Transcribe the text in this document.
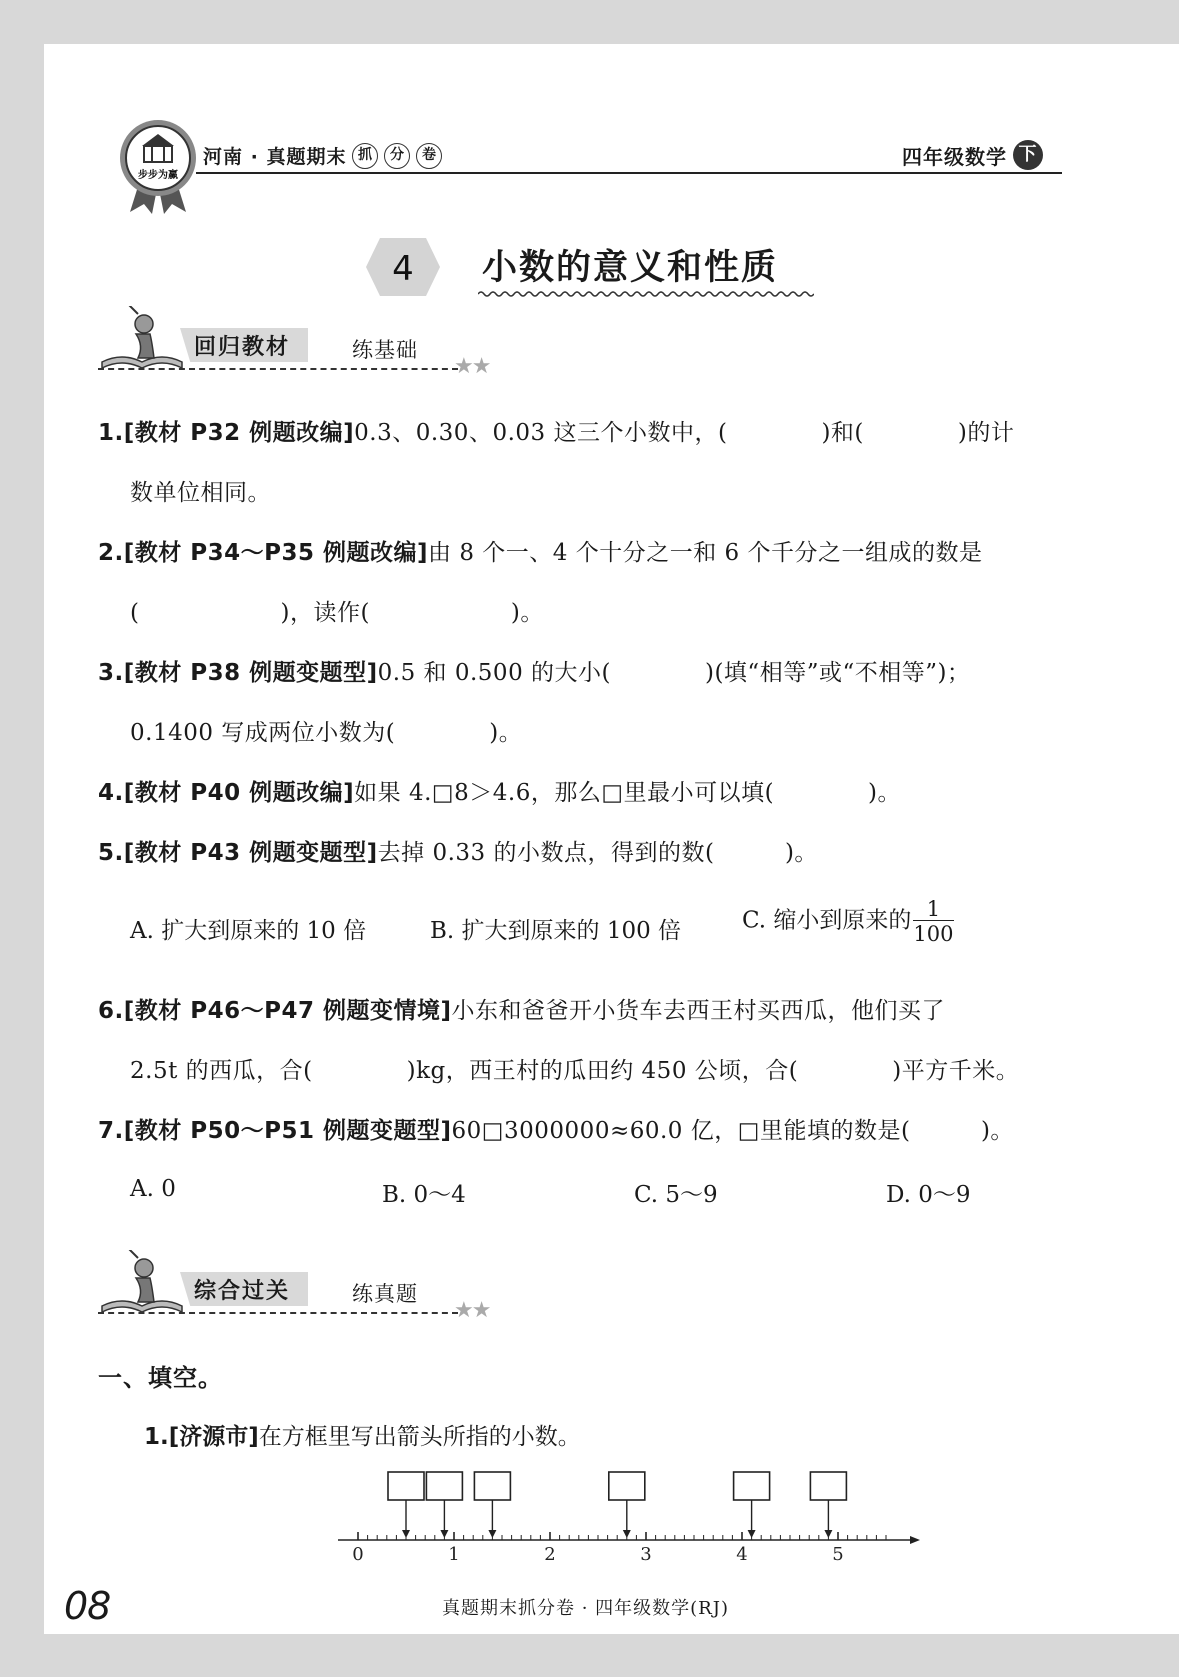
步步为赢
河南 · 真题期末 抓	分	卷	四年级数学 下
4 小数的意义和性质
回归教材	练基础
★★
1.[教材 P32 例题改编]0.3、0.30、0.03 这三个小数中，(　　　　)和(　　　　)的计
数单位相同。
2.[教材 P34～P35 例题改编]由 8 个一、4 个十分之一和 6 个千分之一组成的数是
(　　　　　　)，读作(　　　　　　)。
3.[教材 P38 例题变题型]0.5 和 0.500 的大小(　　　　)(填“相等”或“不相等”)；
0.1400 写成两位小数为(　　　　)。
4.[教材 P40 例题改编]如果 4.□8＞4.6，那么□里最小可以填(　　　　)。
5.[教材 P43 例题变题型]去掉 0.33 的小数点，得到的数(　　　)。
A. 扩大到原来的 10 倍	B. 扩大到原来的 100 倍	C. 缩小到原来的 $\frac{1}{100}$
6.[教材 P46～P47 例题变情境]小东和爸爸开小货车去西王村买西瓜，他们买了
2.5t 的西瓜，合(　　　　)kg，西王村的瓜田约 450 公顷，合(　　　　)平方千米。
7.[教材 P50～P51 例题变题型]60□3000000≈60.0 亿，□里能填的数是(　　　)。
A. 0	B. 0～4	C. 5～9	D. 0～9
综合过关	练真题
★★
一、填空。
1.[济源市]在方框里写出箭头所指的小数。
0	1	2	3	4	5
08	真题期末抓分卷 · 四年级数学(RJ)
